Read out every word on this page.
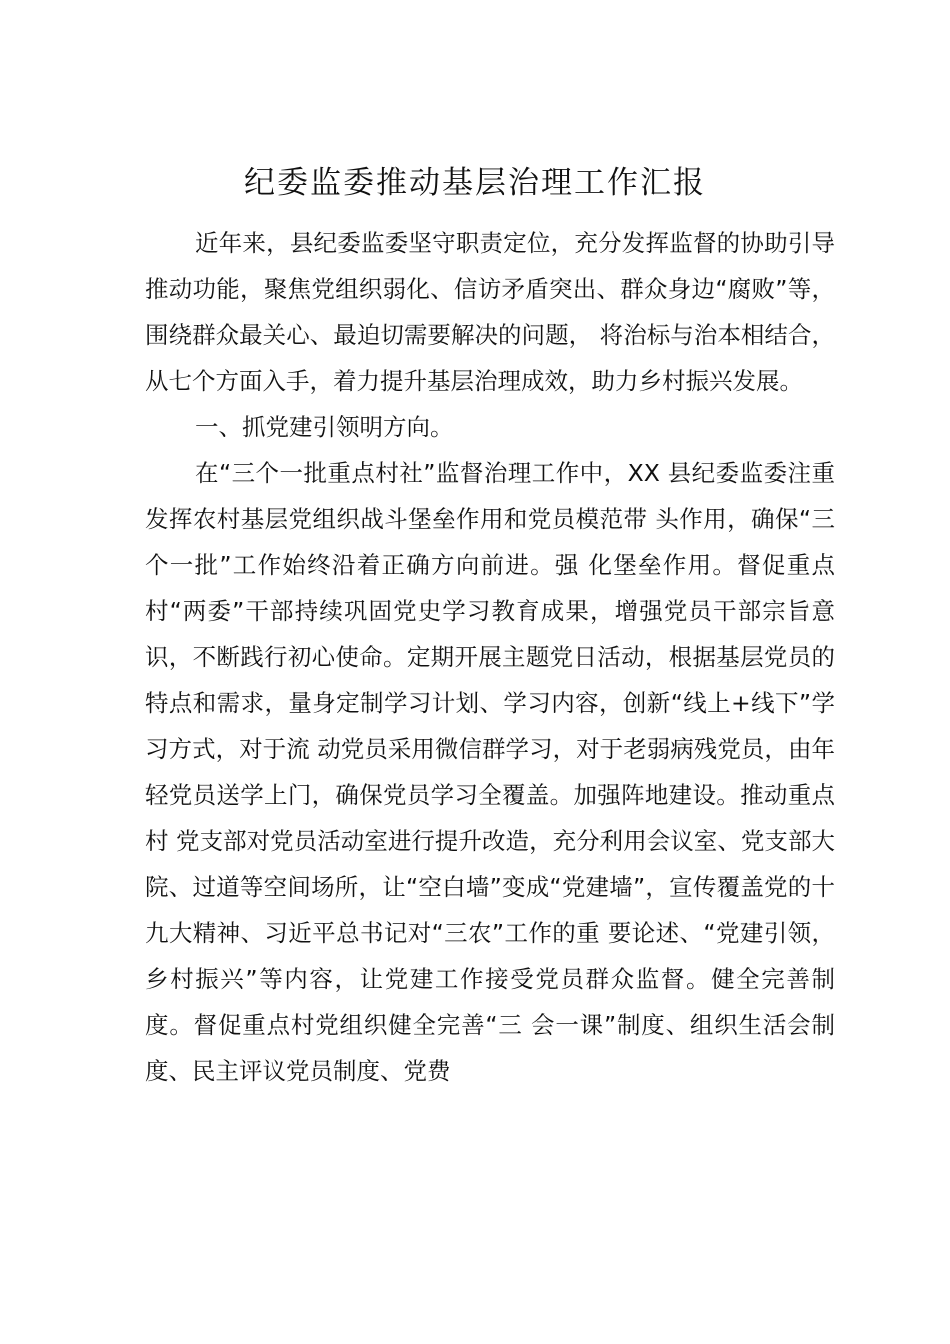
纪委监委推动基层治理工作汇报

近年来，县纪委监委坚守职责定位，充分发挥监督的协助引导推动功能，聚焦党组织弱化、信访矛盾突出、群众身边“腐败”等，围绕群众最关心、最迫切需要解决的问题， 将治标与治本相结合，从七个方面入手，着力提升基层治理成效，助力乡村振兴发展。

一、抓党建引领明方向。

在“三个一批重点村社”监督治理工作中，XX 县纪委监委注重发挥农村基层党组织战斗堡垒作用和党员模范带 头作用，确保“三个一批”工作始终沿着正确方向前进。强 化堡垒作用。督促重点村“两委”干部持续巩固党史学习教育成果，增强党员干部宗旨意识，不断践行初心使命。定期开展主题党日活动，根据基层党员的特点和需求，量身定制学习计划、学习内容，创新“线上+线下”学习方式，对于流 动党员采用微信群学习，对于老弱病残党员，由年轻党员送学上门，确保党员学习全覆盖。加强阵地建设。推动重点村 党支部对党员活动室进行提升改造，充分利用会议室、党支部大院、过道等空间场所，让“空白墙”变成“党建墙”，宣传覆盖党的十九大精神、习近平总书记对“三农”工作的重 要论述、“党建引领，乡村振兴”等内容，让党建工作接受党员群众监督。健全完善制度。督促重点村党组织健全完善“三 会一课”制度、组织生活会制度、民主评议党员制度、党费
